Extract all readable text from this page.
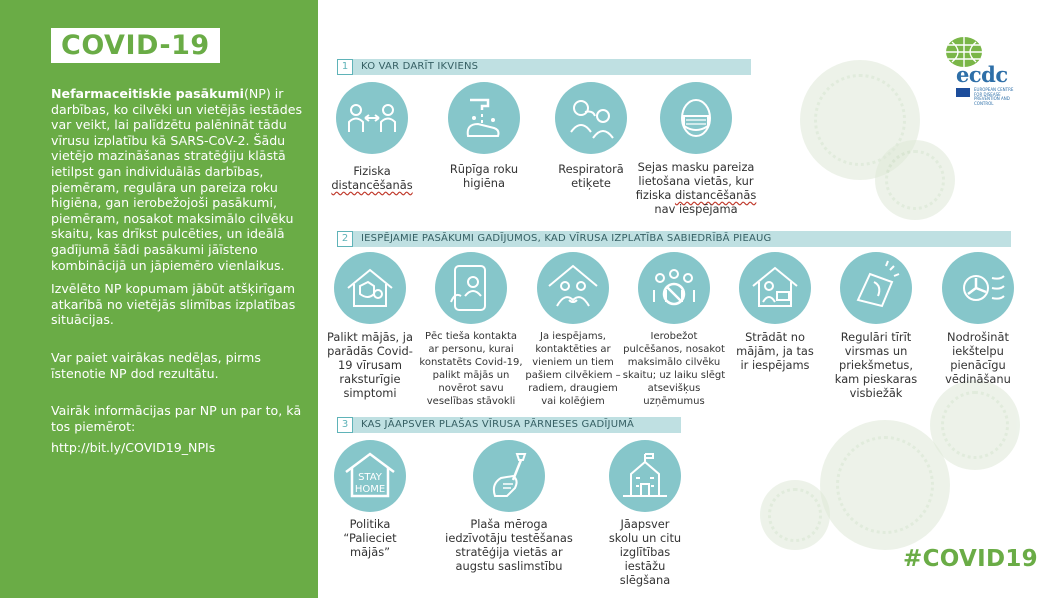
COVID-19
Nefarmaceitiskie pasākumi(NP) ir darbības, ko cilvēki un vietējās iestādes var veikt, lai palīdzētu palēnināt tādu vīrusu izplatību kā SARS-CoV-2. Šādu vietējo mazināšanas stratēģiju klāstā ietilpst gan individuālās darbības, piemēram, regulāra un pareiza roku higiēna, gan ierobežojoši pasākumi, piemēram, nosakot maksimālo cilvēku skaitu, kas drīkst pulcēties, un ideālā gadījumā šādi pasākumi jāīsteno kombinācijā un jāpiemēro vienlaikus.
Izvēlēto NP kopumam jābūt atšķirīgam atkarībā no vietējās slimības izplatības situācijas.
Var paiet vairākas nedēļas, pirms īstenotie NP dod rezultātu.
Vairāk informācijas par NP un par to, kā tos piemērot:
http://bit.ly/COVID19_NPIs
ecdc
EUROPEAN CENTRE FOR DISEASE PREVENTION AND CONTROL
1	KO VAR DARĪT IKVIENS
Fiziska
distancēšanās
Rūpīga roku higiēna
Respiratorā etiķete
Sejas masku pareiza lietošana vietās, kur fiziska distancēšanās nav iespējama
2	IESPĒJAMIE PASĀKUMI GADĪJUMOS, KAD VĪRUSA IZPLATĪBA SABIEDRĪBĀ PIEAUG
Palikt mājās, ja parādās Covid-19 vīrusam raksturīgie simptomi
Pēc tieša kontakta ar personu, kurai konstatēts Covid-19, palikt mājās un novērot savu veselības stāvokli
Ja iespējams, kontaktēties ar vieniem un tiem pašiem cilvēkiem – radiem, draugiem vai kolēģiem
Ierobežot pulcēšanos, nosakot maksimālo cilvēku skaitu; uz laiku slēgt atsevišķus uzņēmumus
Strādāt no mājām, ja tas ir iespējams
Regulāri tīrīt virsmas un priekšmetus, kam pieskaras visbiežāk
Nodrošināt iekštelpu pienācīgu vēdināšanu
3	KAS JĀAPSVER PLAŠAS VĪRUSA PĀRNESES GADĪJUMĀ
STAY
HOME
Politika “Palieciet mājās”
Plaša mēroga iedzīvotāju testēšanas stratēģija vietās ar augstu saslimstību
Jāapsver skolu un citu izglītības iestāžu slēgšana
#COVID19
